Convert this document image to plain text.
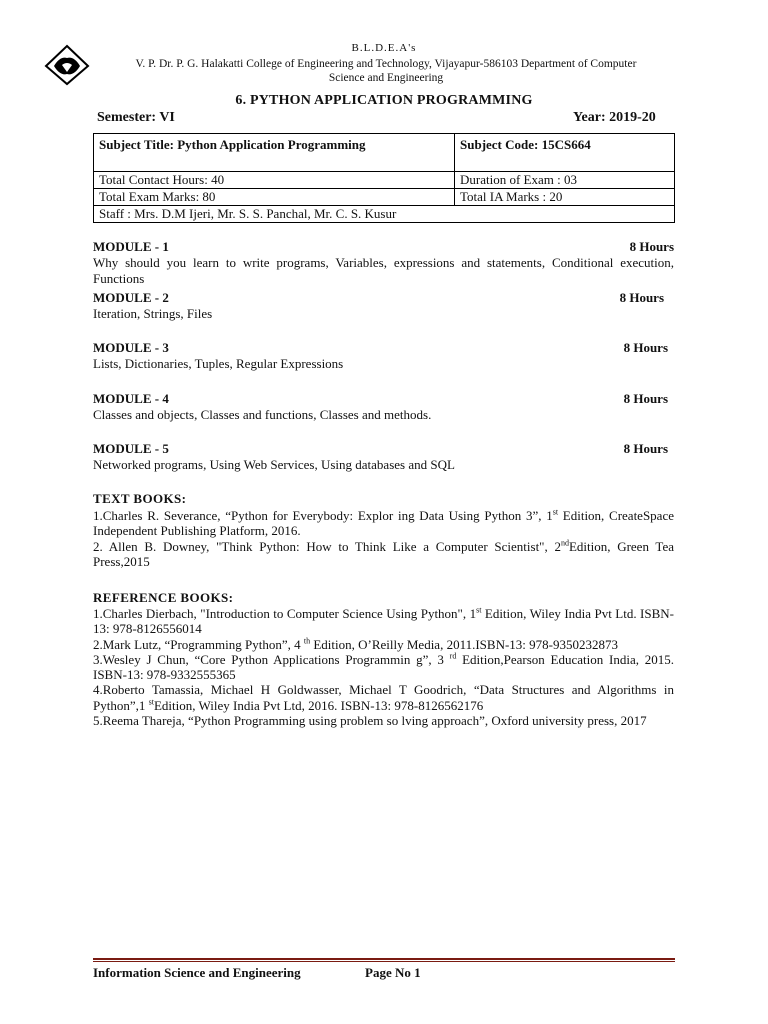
B.L.D.E.A's
V. P. Dr. P. G. Halakatti College of Engineering and Technology, Vijayapur-586103 Department of Computer
Science and Engineering
6. PYTHON APPLICATION PROGRAMMING
Semester: VI	Year: 2019-20
Subject Title: Python Application Programming	Subject Code: 15CS664
Total Contact Hours: 40	Duration of Exam : 03
Total Exam Marks: 80	Total IA Marks : 20
Staff : Mrs. D.M Ijeri, Mr. S. S. Panchal, Mr. C. S. Kusur	
MODULE - 1	8 Hours
Why should you learn to write programs, Variables, expressions and statements, Conditional execution, Functions
MODULE - 2	8 Hours
Iteration, Strings, Files
MODULE - 3	8 Hours
Lists, Dictionaries, Tuples, Regular Expressions
MODULE - 4	8 Hours
Classes and objects, Classes and functions, Classes and methods.
MODULE - 5	8 Hours
Networked programs, Using Web Services, Using databases and SQL
TEXT BOOKS:

1.Charles R. Severance, “Python for Everybody: Explor ing Data Using Python 3”, 1st Edition, CreateSpace Independent Publishing Platform, 2016.

2. Allen B. Downey, "Think Python: How to Think Like a Computer Scientist", 2ndEdition, Green Tea Press,2015

REFERENCE BOOKS:

1.Charles Dierbach, "Introduction to Computer Science Using Python", 1st Edition, Wiley India Pvt Ltd. ISBN-13: 978-8126556014

2.Mark Lutz, “Programming Python”, 4 $^{th}$ Edition, O’Reilly Media, 2011.ISBN-13: 978-9350232873

3.Wesley J Chun, “Core Python Applications Programmin g”, 3 $^{rd}$ Edition,Pearson Education India, 2015. ISBN-13: 978-9332555365

4.Roberto Tamassia, Michael H Goldwasser, Michael T Goodrich, “Data Structures and Algorithms in Python”,1 $^{st}$Edition, Wiley India Pvt Ltd, 2016. ISBN-13: 978-8126562176

5.Reema Thareja, “Python Programming using problem so lving approach”, Oxford university press, 2017

Information Science and Engineering	Page No 1
